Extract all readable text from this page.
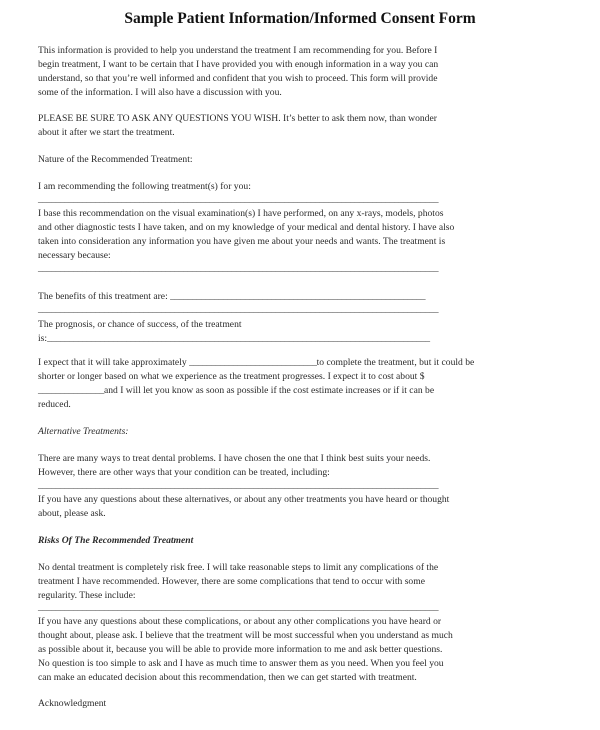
Sample Patient Information/Informed Consent Form
This information is provided to help you understand the treatment I am recommending for you. Before I
begin treatment, I want to be certain that I have provided you with enough information in a way you can
understand, so that you’re well informed and confident that you wish to proceed. This form will provide
some of the information. I will also have a discussion with you.
PLEASE BE SURE TO ASK ANY QUESTIONS YOU WISH. It’s better to ask them now, than wonder
about it after we start the treatment.
Nature of the Recommended Treatment:
I am recommending the following treatment(s) for you:
___________________________________________________________________________________________
I base this recommendation on the visual examination(s) I have performed, on any x-rays, models, photos
and other diagnostic tests I have taken, and on my knowledge of your medical and dental history. I have also
taken into consideration any information you have given me about your needs and wants. The treatment is
necessary because:
___________________________________________________________________________________________
The benefits of this treatment are: __________________________________________________________
___________________________________________________________________________________________
The prognosis, or chance of success, of the treatment
is:_______________________________________________________________________________________
I expect that it will take approximately _____________________________to complete the treatment, but it could be
shorter or longer based on what we experience as the treatment progresses. I expect it to cost about $
_______________and I will let you know as soon as possible if the cost estimate increases or if it can be
reduced.
Alternative Treatments:
There are many ways to treat dental problems. I have chosen the one that I think best suits your needs.
However, there are other ways that your condition can be treated, including:
___________________________________________________________________________________________
If you have any questions about these alternatives, or about any other treatments you have heard or thought
about, please ask.
Risks Of The Recommended Treatment
No dental treatment is completely risk free. I will take reasonable steps to limit any complications of the
treatment I have recommended. However, there are some complications that tend to occur with some
regularity. These include:
___________________________________________________________________________________________
If you have any questions about these complications, or about any other complications you have heard or
thought about, please ask. I believe that the treatment will be most successful when you understand as much
as possible about it, because you will be able to provide more information to me and ask better questions.
No question is too simple to ask and I have as much time to answer them as you need. When you feel you
can make an educated decision about this recommendation, then we can get started with treatment.
Acknowledgment
